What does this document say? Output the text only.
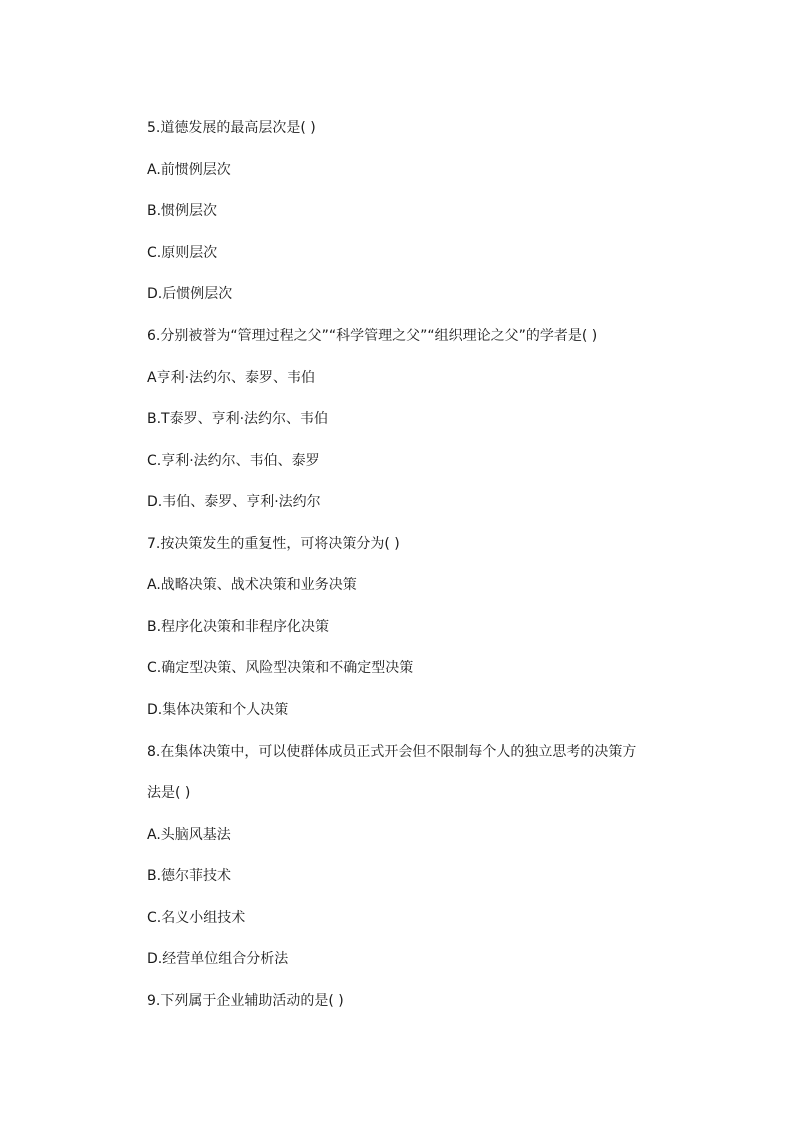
5.道德发展的最高层次是( )
A.前惯例层次
B.惯例层次
C.原则层次
D.后惯例层次
6.分别被誉为“管理过程之父”“科学管理之父”“组织理论之父”的学者是( )
A亨利·法约尔、泰罗、韦伯
B.T泰罗、亨利·法约尔、韦伯
C.亨利·法约尔、韦伯、泰罗
D.韦伯、泰罗、亨利·法约尔
7.按决策发生的重复性，可将决策分为( )
A.战略决策、战术决策和业务决策
B.程序化决策和非程序化决策
C.确定型决策、风险型决策和不确定型决策
D.集体决策和个人决策
8.在集体决策中，可以使群体成员正式开会但不限制每个人的独立思考的决策方
法是( )
A.头脑风基法
B.德尔菲技术
C.名义小组技术
D.经营单位组合分析法
9.下列属于企业辅助活动的是( )
